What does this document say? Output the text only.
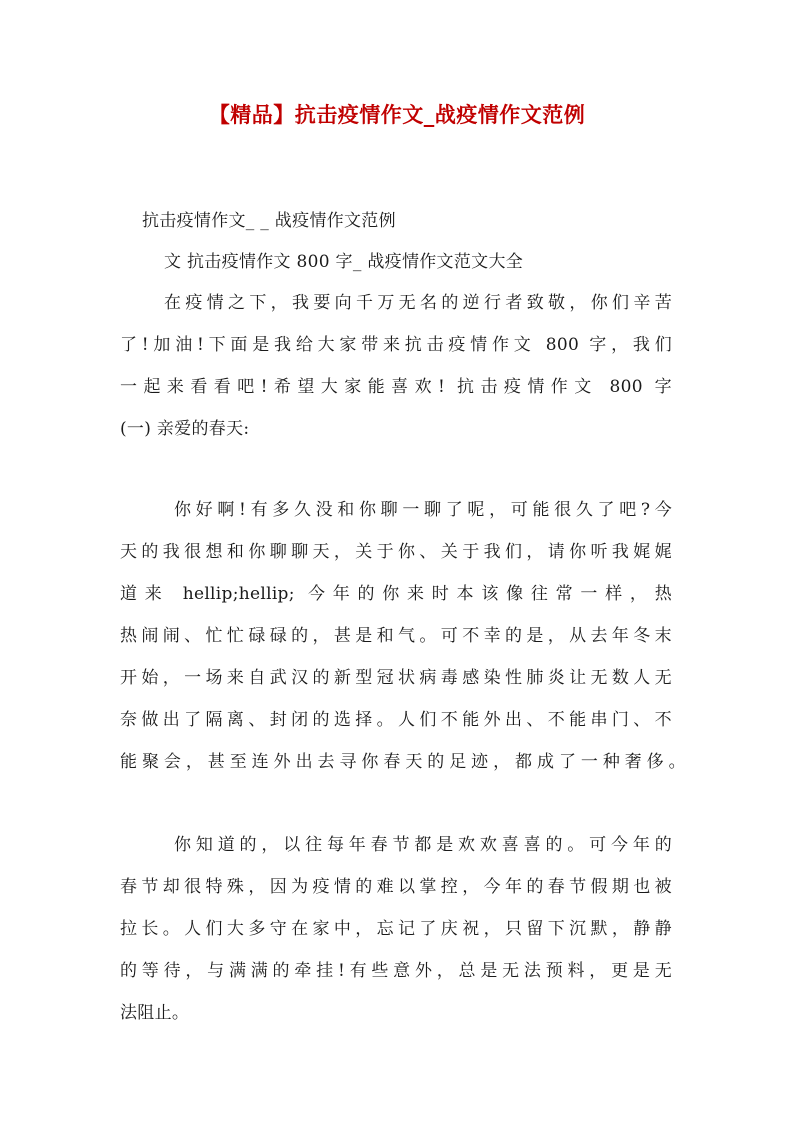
【精品】抗击疫情作文_战疫情作文范例
抗击疫情作文_ _ 战疫情作文范例
文 抗击疫情作文 800 字_ 战疫情作文范文大全
在疫情之下，我要向千万无名的逆行者致敬，你们辛苦
了!加油!下面是我给大家带来抗击疫情作文 800 字，我们
一起来看看吧!希望大家能喜欢! 抗击疫情作文 800 字
(一) 亲爱的春天:
你好啊!有多久没和你聊一聊了呢，可能很久了吧?今
天的我很想和你聊聊天，关于你、关于我们，请你听我娓娓
道来 hellip;hellip; 今年的你来时本该像往常一样，热
热闹闹、忙忙碌碌的，甚是和气。可不幸的是，从去年冬末
开始，一场来自武汉的新型冠状病毒感染性肺炎让无数人无
奈做出了隔离、封闭的选择。人们不能外出、不能串门、不
能聚会，甚至连外出去寻你春天的足迹，都成了一种奢侈。
你知道的，以往每年春节都是欢欢喜喜的。可今年的
春节却很特殊，因为疫情的难以掌控，今年的春节假期也被
拉长。人们大多守在家中，忘记了庆祝，只留下沉默，静静
的等待，与满满的牵挂!有些意外，总是无法预料，更是无
法阻止。
